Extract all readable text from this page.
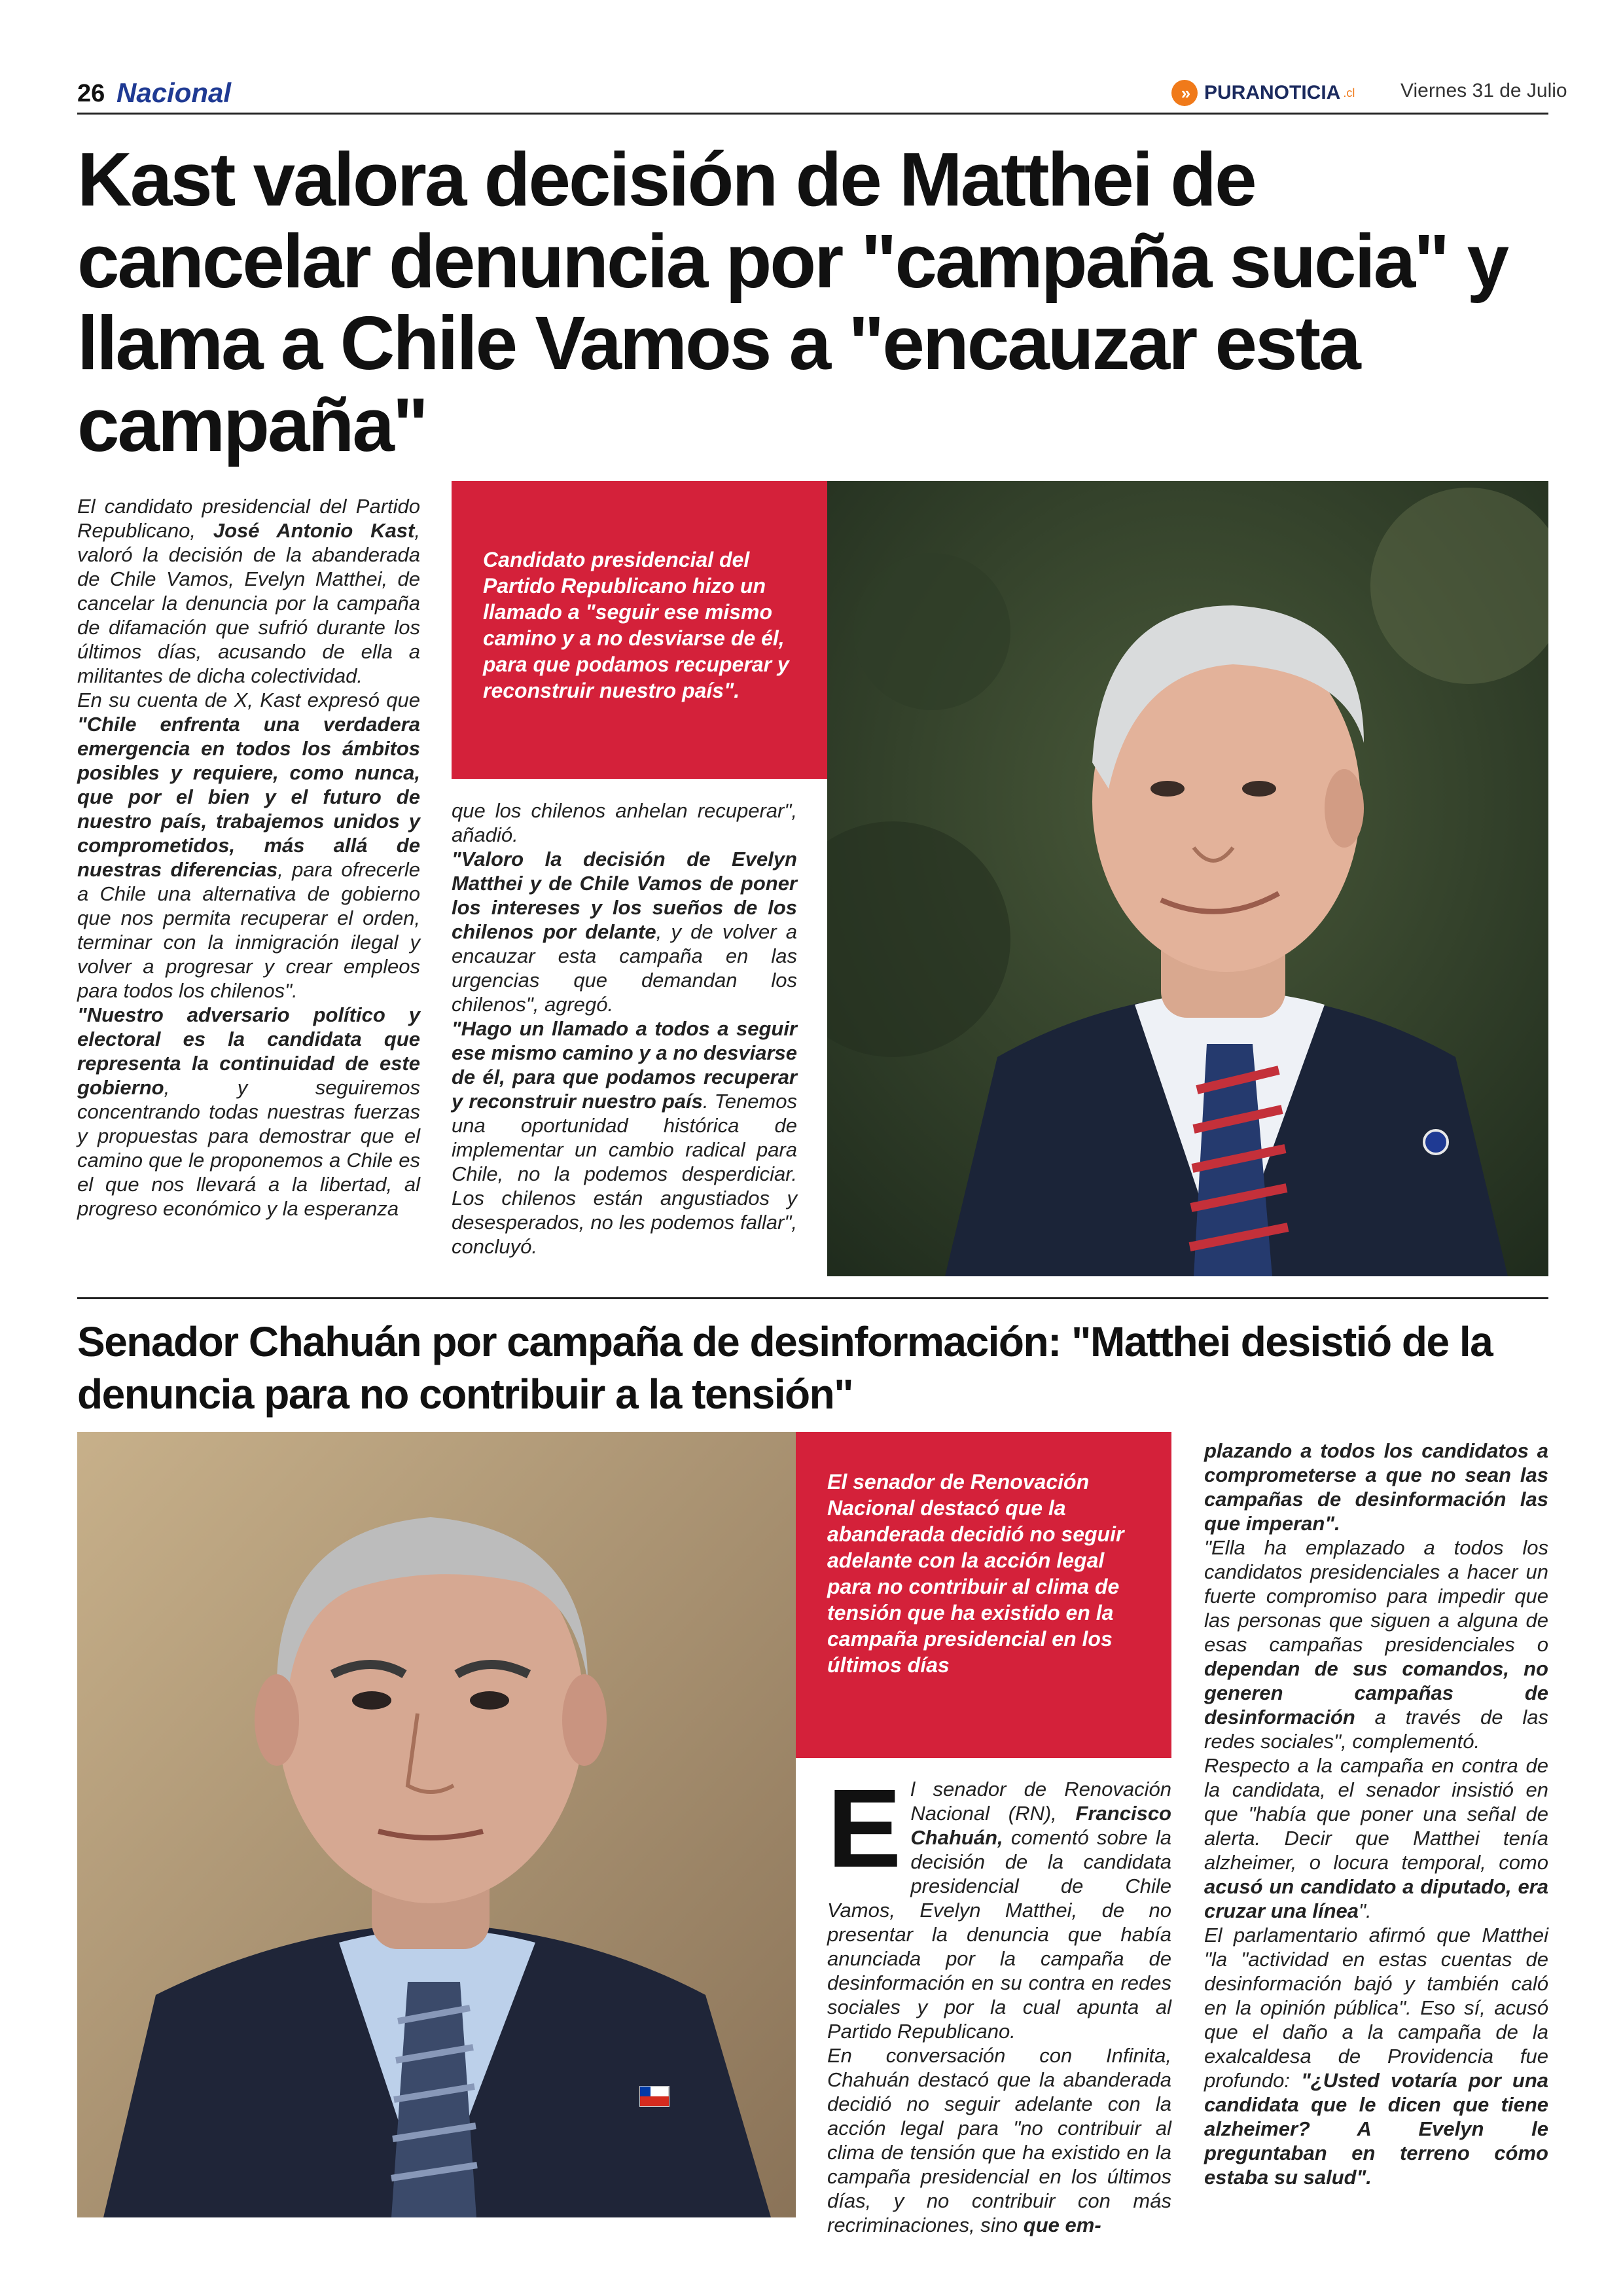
26 Nacional	» PURANOTICIA .cl Viernes 31 de Julio
Kast valora decisión de Matthei de cancelar denuncia por "campaña sucia" y llama a Chile Vamos a "encauzar esta campaña"

El candidato presidencial del Partido Republicano, José Antonio Kast, valoró la decisión de la abanderada de Chile Vamos, Evelyn Matthei, de cancelar la denuncia por la campaña de difamación que sufrió durante los últimos días, acusando de ella a militantes de dicha colectividad.

En su cuenta de X, Kast expresó que "Chile enfrenta una verdadera emergencia en todos los ámbitos posibles y requiere, como nunca, que por el bien y el futuro de nuestro país, trabajemos unidos y comprometidos, más allá de nuestras diferencias, para ofrecerle a Chile una alternativa de gobierno que nos permita recuperar el orden, terminar con la inmigración ilegal y volver a progresar y crear empleos para todos los chilenos".

"Nuestro adversario político y electoral es la candidata que representa la continuidad de este gobierno, y seguiremos concentrando todas nuestras fuerzas y propuestas para demostrar que el camino que le proponemos a Chile es el que nos llevará a la libertad, al progreso económico y la esperanza

Candidato presidencial del Partido Republicano hizo un llamado a "seguir ese mismo camino y a no desviarse de él, para que podamos recuperar y reconstruir nuestro país".

que los chilenos anhelan recuperar", añadió.

"Valoro la decisión de Evelyn Matthei y de Chile Vamos de poner los intereses y los sueños de los chilenos por delante, y de volver a encauzar esta campaña en las urgencias que demandan los chilenos", agregó.

"Hago un llamado a todos a seguir ese mismo camino y a no desviarse de él, para que podamos recuperar y reconstruir nuestro país. Tenemos una oportunidad histórica de implementar un cambio radical para Chile, no la podemos desperdiciar. Los chilenos están angustiados y desesperados, no les podemos fallar", concluyó.

Senador Chahuán por campaña de desinformación: "Matthei desistió de la denuncia para no contribuir a la tensión"
El senador de Renovación Nacional destacó que la abanderada decidió no seguir adelante con la acción legal para no contribuir al clima de tensión que ha existido en la campaña presidencial en los últimos días

El senador de Renovación Nacional (RN), Francisco Chahuán, comentó sobre la decisión de la candidata presidencial de Chile Vamos, Evelyn Matthei, de no presentar la denuncia que había anunciada por la campaña de desinformación en su contra en redes sociales y por la cual apunta al Partido Republicano.

En conversación con Infinita, Chahuán destacó que la abanderada decidió no seguir adelante con la acción legal para "no contribuir al clima de tensión que ha existido en la campaña presidencial en los últimos días, y no contribuir con más recriminaciones, sino que em-

plazando a todos los candidatos a comprometerse a que no sean las campañas de desinformación las que imperan".

"Ella ha emplazado a todos los candidatos presidenciales a hacer un fuerte compromiso para impedir que las personas que siguen a alguna de esas campañas presidenciales o dependan de sus comandos, no generen campañas de desinformación a través de las redes sociales", complementó.

Respecto a la campaña en contra de la candidata, el senador insistió en que "había que poner una señal de alerta. Decir que Matthei tenía alzheimer, o locura temporal, como acusó un candidato a diputado, era cruzar una línea".

El parlamentario afirmó que Matthei "la "actividad en estas cuentas de desinformación bajó y también caló en la opinión pública". Eso sí, acusó que el daño a la campaña de la exalcaldesa de Providencia fue profundo: "¿Usted votaría por una candidata que le dicen que tiene alzheimer? A Evelyn le preguntaban en terreno cómo estaba su salud".
